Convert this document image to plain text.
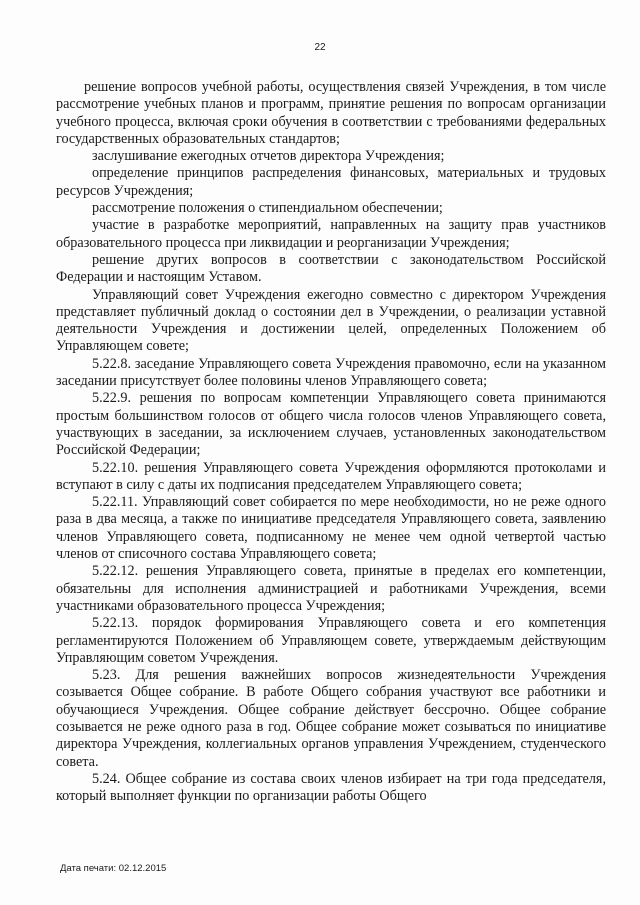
22

решение вопросов учебной работы, осуществления связей Учреждения, в том числе рассмотрение учебных планов и программ, принятие решения по вопросам организации учебного процесса, включая сроки обучения в соответствии с требованиями федеральных государственных образовательных стандартов;

заслушивание ежегодных отчетов директора Учреждения;

определение принципов распределения финансовых, материальных и трудовых ресурсов Учреждения;

рассмотрение положения о стипендиальном обеспечении;

участие в разработке мероприятий, направленных на защиту прав участников образовательного процесса при ликвидации и реорганизации Учреждения;

решение других вопросов в соответствии с законодательством Российской Федерации и настоящим Уставом.

Управляющий совет Учреждения ежегодно совместно с директором Учреждения представляет публичный доклад о состоянии дел в Учреждении, о реализации уставной деятельности Учреждения и достижении целей, определенных Положением об Управляющем совете;

5.22.8. заседание Управляющего совета Учреждения правомочно, если на указанном заседании присутствует более половины членов Управляющего совета;

5.22.9. решения по вопросам компетенции Управляющего совета принимаются простым большинством голосов от общего числа голосов членов Управляющего совета, участвующих в заседании, за исключением случаев, установленных законодательством Российской Федерации;

5.22.10. решения Управляющего совета Учреждения оформляются протоколами и вступают в силу с даты их подписания председателем Управляющего совета;

5.22.11. Управляющий совет собирается по мере необходимости, но не реже одного раза в два месяца, а также по инициативе председателя Управляющего совета, заявлению членов Управляющего совета, подписанному не менее чем одной четвертой частью членов от списочного состава Управляющего совета;

5.22.12. решения Управляющего совета, принятые в пределах его компетенции, обязательны для исполнения администрацией и работниками Учреждения, всеми участниками образовательного процесса Учреждения;

5.22.13. порядок формирования Управляющего совета и его компетенция регламентируются Положением об Управляющем совете, утверждаемым действующим Управляющим советом Учреждения.

5.23. Для решения важнейших вопросов жизнедеятельности Учреждения созывается Общее собрание. В работе Общего собрания участвуют все работники и обучающиеся Учреждения. Общее собрание действует бессрочно. Общее собрание созывается не реже одного раза в год. Общее собрание может созываться по инициативе директора Учреждения, коллегиальных органов управления Учреждением, студенческого совета.

5.24. Общее собрание из состава своих членов избирает на три года председателя, который выполняет функции по организации работы Общего

Дата печати: 02.12.2015
